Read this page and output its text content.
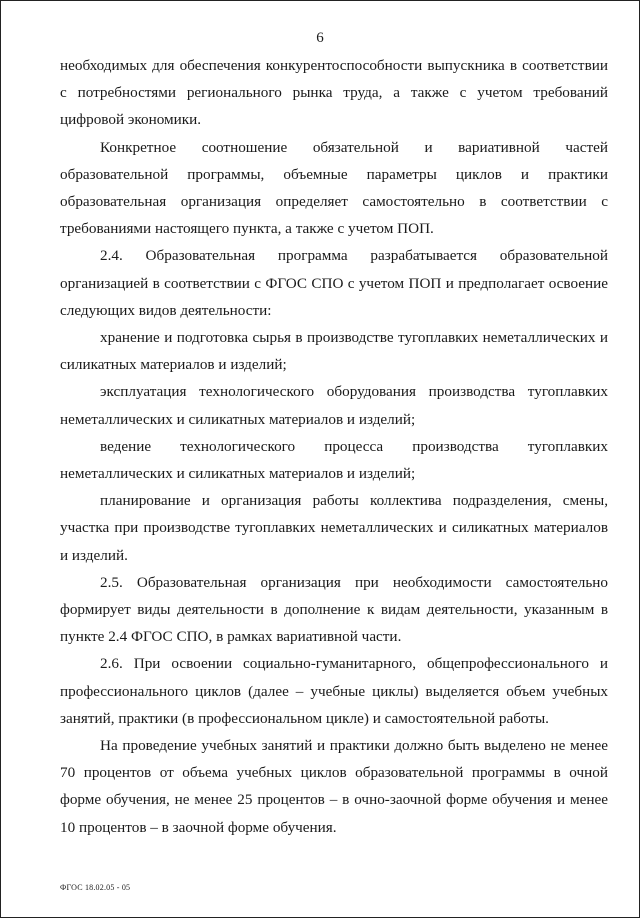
6

необходимых для обеспечения конкурентоспособности выпускника в соответствии с потребностями регионального рынка труда, а также с учетом требований цифровой экономики.

Конкретное соотношение обязательной и вариативной частей образовательной программы, объемные параметры циклов и практики образовательная организация определяет самостоятельно в соответствии с требованиями настоящего пункта, а также с учетом ПОП.

2.4. Образовательная программа разрабатывается образовательной организацией в соответствии с ФГОС СПО с учетом ПОП и предполагает освоение следующих видов деятельности:

хранение и подготовка сырья в производстве тугоплавких неметаллических и силикатных материалов и изделий;

эксплуатация технологического оборудования производства тугоплавких неметаллических и силикатных материалов и изделий;

ведение технологического процесса производства тугоплавких неметаллических и силикатных материалов и изделий;

планирование и организация работы коллектива подразделения, смены, участка при производстве тугоплавких неметаллических и силикатных материалов и изделий.

2.5. Образовательная организация при необходимости самостоятельно формирует виды деятельности в дополнение к видам деятельности, указанным в пункте 2.4 ФГОС СПО, в рамках вариативной части.

2.6. При освоении социально-гуманитарного, общепрофессионального и профессионального циклов (далее – учебные циклы) выделяется объем учебных занятий, практики (в профессиональном цикле) и самостоятельной работы.

На проведение учебных занятий и практики должно быть выделено не менее 70 процентов от объема учебных циклов образовательной программы в очной форме обучения, не менее 25 процентов – в очно-заочной форме обучения и менее 10 процентов – в заочной форме обучения.

ФГОС 18.02.05 - 05
